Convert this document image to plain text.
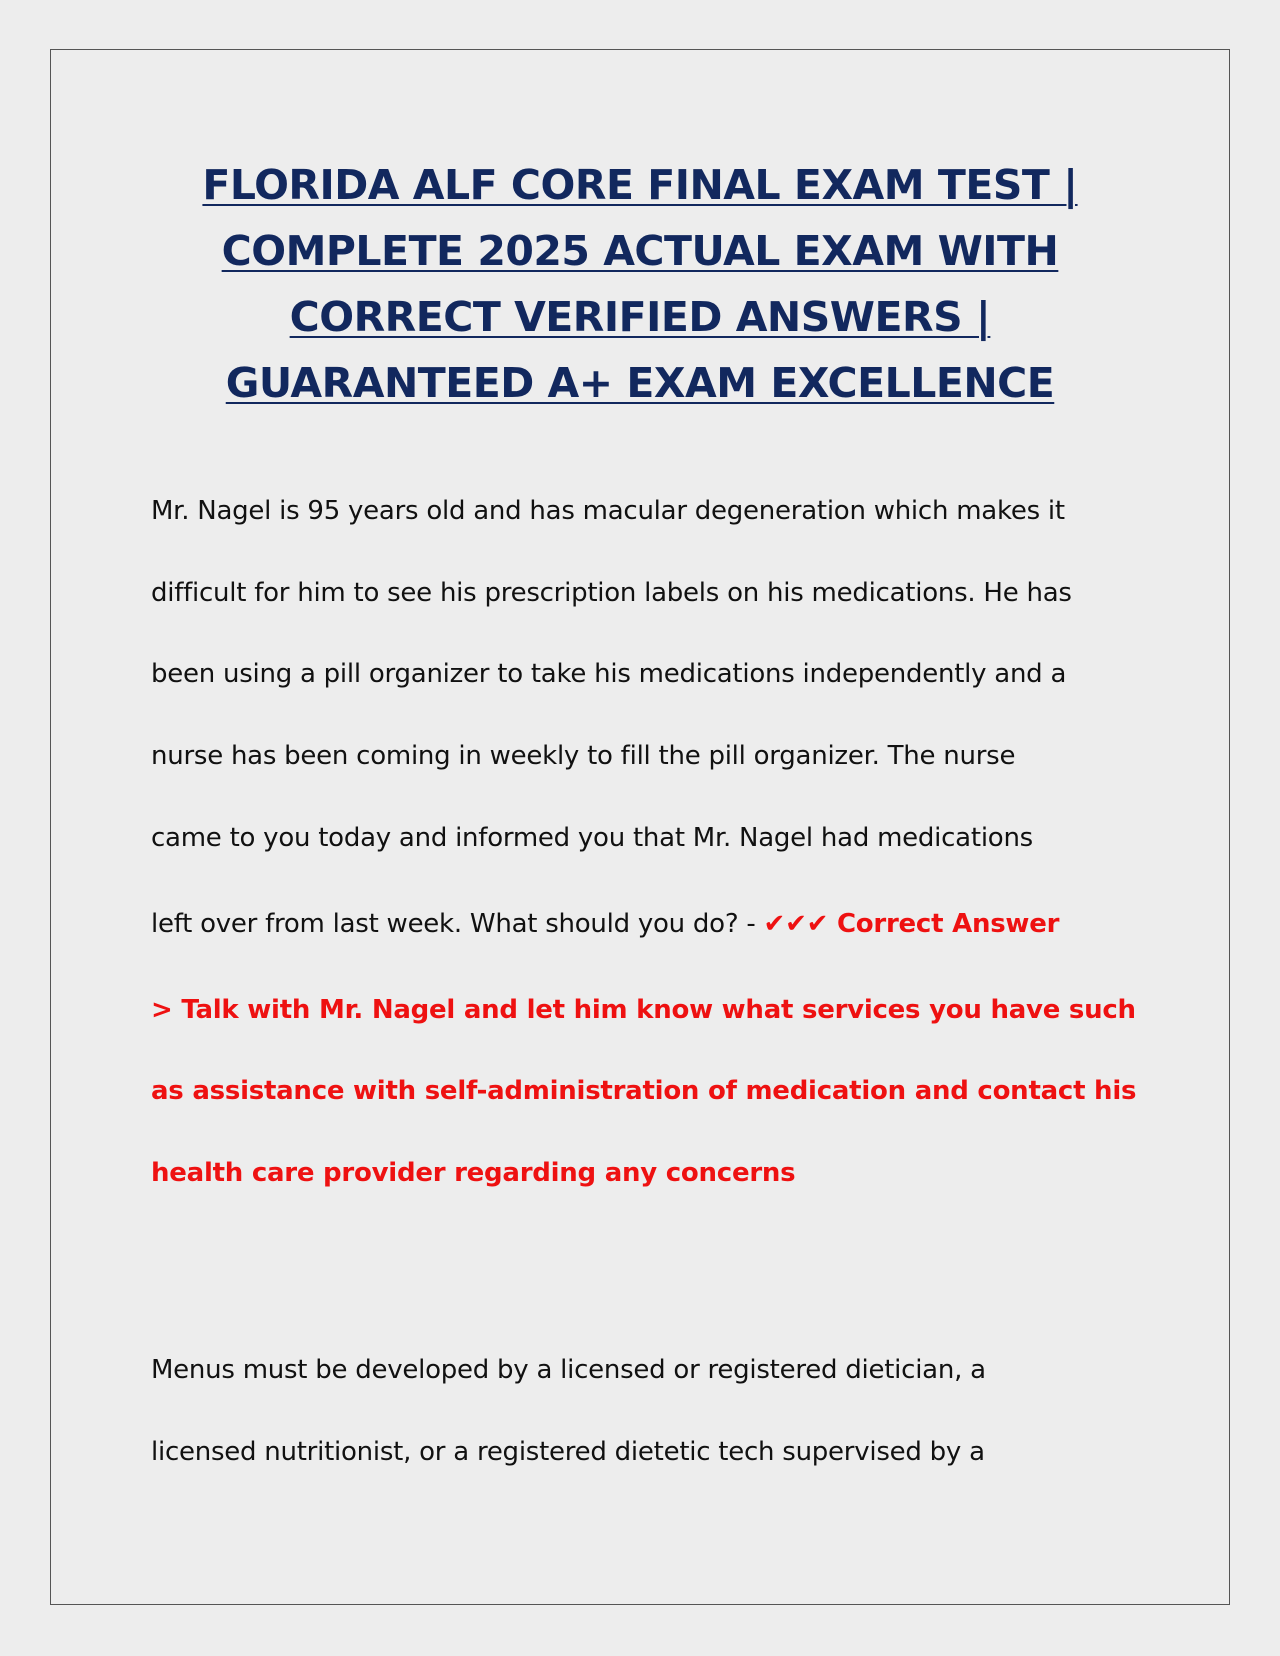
FLORIDA ALF CORE FINAL EXAM TEST |
COMPLETE 2025 ACTUAL EXAM WITH
CORRECT VERIFIED ANSWERS |
GUARANTEED A+ EXAM EXCELLENCE

Mr. Nagel is 95 years old and has macular degeneration which makes it

difficult for him to see his prescription labels on his medications. He has

been using a pill organizer to take his medications independently and a

nurse has been coming in weekly to fill the pill organizer. The nurse

came to you today and informed you that Mr. Nagel had medications

left over from last week. What should you do? - ✔✔✔ Correct Answer

> Talk with Mr. Nagel and let him know what services you have such

as assistance with self-administration of medication and contact his

health care provider regarding any concerns

Menus must be developed by a licensed or registered dietician, a

licensed nutritionist, or a registered dietetic tech supervised by a
